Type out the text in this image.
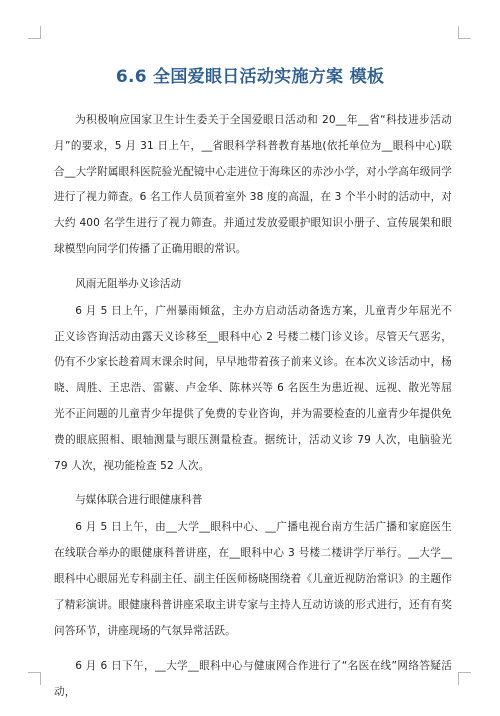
6.6 全国爱眼日活动实施方案 模板

为积极响应国家卫生计生委关于全国爱眼日活动和 20__年__省“科技进步活动月”的要求，5 月 31 日上午，__省眼科学科普教育基地(依托单位为__眼科中心)联合__大学附属眼科医院验光配镜中心走进位于海珠区的赤沙小学，对小学高年级同学进行了视力筛查。6 名工作人员顶着室外 38 度的高温，在 3 个半小时的活动中，对大约 400 名学生进行了视力筛查。并通过发放爱眼护眼知识小册子、宣传展架和眼球模型向同学们传播了正确用眼的常识。

风雨无阻举办义诊活动

6 月 5 日上午，广州暴雨倾盆，主办方启动活动备选方案，儿童青少年屈光不正义诊咨询活动由露天义诊移至__眼科中心 2 号楼二楼门诊义诊。尽管天气恶劣，仍有不少家长趁着周末课余时间，早早地带着孩子前来义诊。在本次义诊活动中，杨晓、周胜、王忠浩、雷蘩、卢金华、陈林兴等 6 名医生为患近视、远视、散光等屈光不正问题的儿童青少年提供了免费的专业咨询，并为需要检查的儿童青少年提供免费的眼底照相、眼轴测量与眼压测量检查。据统计，活动义诊 79 人次，电脑验光 79 人次，视功能检查 52 人次。

与媒体联合进行眼健康科普

6 月 5 日上午，由__大学__眼科中心、__广播电视台南方生活广播和家庭医生在线联合举办的眼健康科普讲座，在__眼科中心 3 号楼二楼讲学厅举行。__大学__眼科中心眼屈光专科副主任、副主任医师杨晓围绕着《儿童近视防治常识》的主题作了精彩演讲。眼健康科普讲座采取主讲专家与主持人互动访谈的形式进行，还有有奖问答环节，讲座现场的气氛异常活跃。

6 月 6 日下午，__大学__眼科中心与健康网合作进行了“名医在线”网络答疑活动，
